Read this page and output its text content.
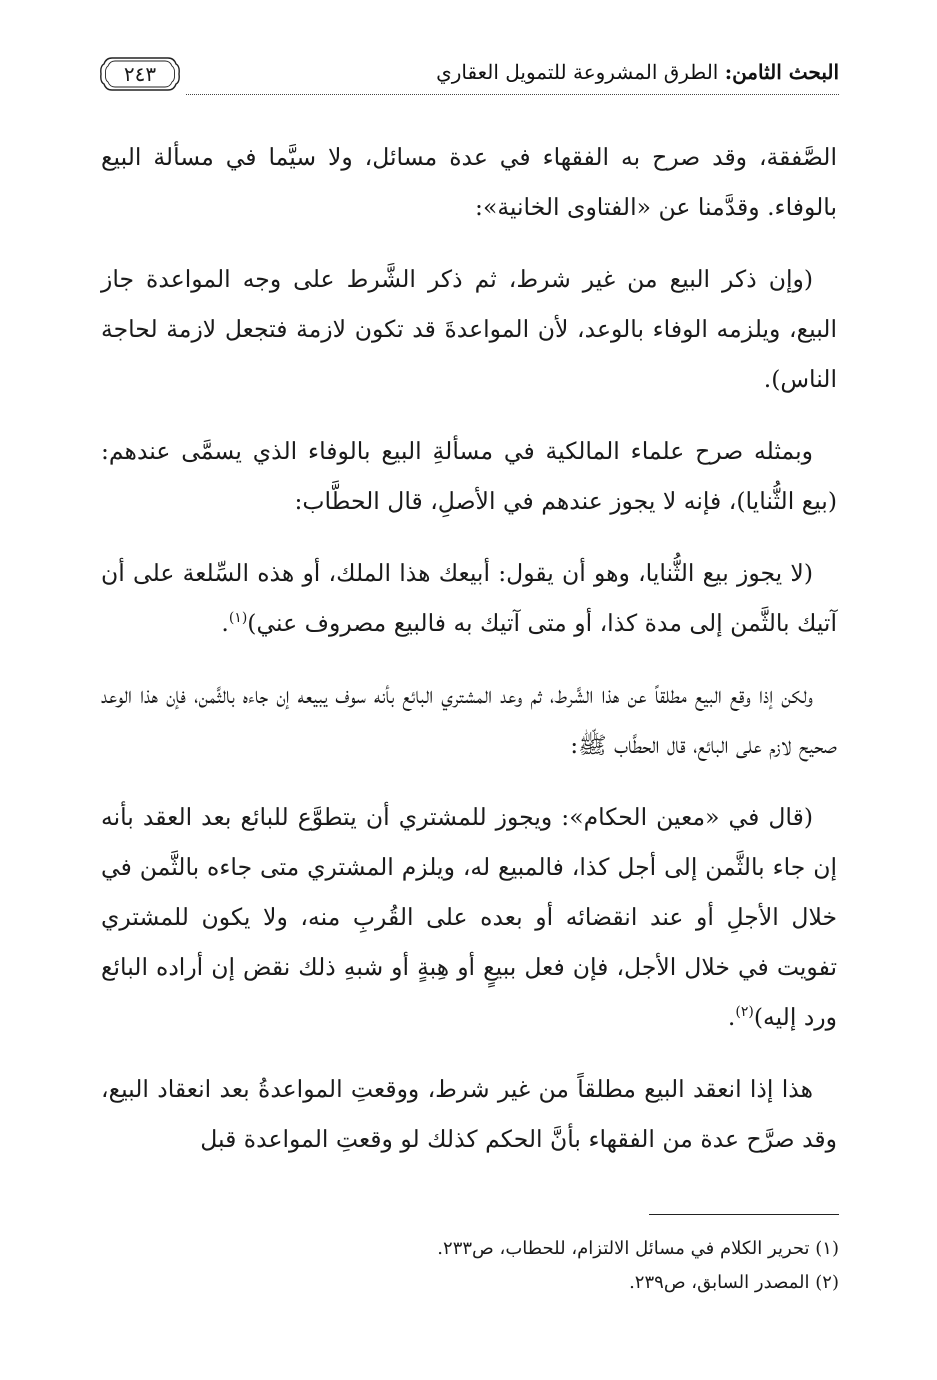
البحث الثامن: الطرق المشروعة للتمويل العقاري
٢٤٣

الصَّفقة، وقد صرح به الفقهاء في عدة مسائل، ولا سيَّما في مسألة البيع بالوفاء. وقدَّمنا عن «الفتاوى الخانية»:

(وإن ذكر البيع من غير شرط، ثم ذكر الشَّرط على وجه المواعدة جاز البيع، ويلزمه الوفاء بالوعد، لأن المواعدةَ قد تكون لازمة فتجعل لازمة لحاجة الناس).

وبمثله صرح علماء المالكية في مسألةِ البيع بالوفاء الذي يسمَّى عندهم: (بيع الثُّنايا)، فإنه لا يجوز عندهم في الأصلِ، قال الحطَّاب:

(لا يجوز بيع الثُّنايا، وهو أن يقول: أبيعك هذا الملك، أو هذه السِّلعة على أن آتيك بالثَّمن إلى مدة كذا، أو متى آتيك به فالبيع مصروف عني)$^{(١)}$.

ولكن إذا وقع البيع مطلقاً عن هذا الشَّرط، ثم وعد المشتري البائع بأنه سوف يبيعه إن جاءه بالثَّمن، فإن هذا الوعد صحيح لازم على البائع، قال الحطَّاب ﷺ:

(قال في «معين الحكام»: ويجوز للمشتري أن يتطوَّع للبائع بعد العقد بأنه إن جاء بالثَّمن إلى أجل كذا، فالمبيع له، ويلزم المشتري متى جاءه بالثَّمن في خلال الأجلِ أو عند انقضائه أو بعده على القُربِ منه، ولا يكون للمشتري تفويت في خلال الأجل، فإن فعل ببيعٍ أو هِبةٍ أو شبهِ ذلك نقض إن أراده البائع ورد إليه)$^{(٢)}$.

هذا إذا انعقد البيع مطلقاً من غير شرط، ووقعتِ المواعدةُ بعد انعقاد البيع، وقد صرَّح عدة من الفقهاء بأنَّ الحكم كذلك لو وقعتِ المواعدة قبل

(١) تحرير الكلام في مسائل الالتزام، للحطاب، ص٢٣٣.

(٢) المصدر السابق، ص٢٣٩.
